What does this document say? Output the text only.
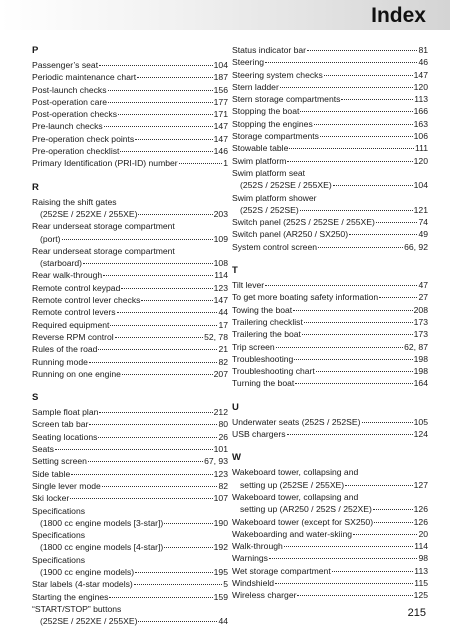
Index
P
Passenger’s seat	104
Periodic maintenance chart	187
Post-launch checks	156
Post-operation care	177
Post-operation checks	171
Pre-launch checks	147
Pre-operation check points	147
Pre-operation checklist	146
Primary Identification (PRI-ID) number	1
R
Raising the shift gates
(252SE / 252XE / 255XE)	203
Rear underseat storage compartment
(port)	109
Rear underseat storage compartment
(starboard)	108
Rear walk-through	114
Remote control keypad	123
Remote control lever checks	147
Remote control levers	44
Required equipment	17
Reverse RPM control	52, 78
Rules of the road	21
Running mode	82
Running on one engine	207
S
Sample float plan	212
Screen tab bar	80
Seating locations	26
Seats	101
Setting screen	67, 93
Side table	123
Single lever mode	82
Ski locker	107
Specifications
(1800 cc engine models [3-star])	190
Specifications
(1800 cc engine models [4-star])	192
Specifications
(1900 cc engine models)	195
Star labels (4-star models)	5
Starting the engines	159
“START/STOP” buttons
(252SE / 252XE / 255XE)	44
Status indicator bar	81
Steering	46
Steering system checks	147
Stern ladder	120
Stern storage compartments	113
Stopping the boat	166
Stopping the engines	163
Storage compartments	106
Stowable table	111
Swim platform	120
Swim platform seat
(252S / 252SE / 255XE)	104
Swim platform shower
(252S / 252SE)	121
Switch panel (252S / 252SE / 255XE)	74
Switch panel (AR250 / SX250)	49
System control screen	66, 92
T
Tilt lever	47
To get more boating safety information	27
Towing the boat	208
Trailering checklist	173
Trailering the boat	173
Trip screen	62, 87
Troubleshooting	198
Troubleshooting chart	198
Turning the boat	164
U
Underwater seats (252S / 252SE)	105
USB chargers	124
W
Wakeboard tower, collapsing and
setting up (252SE / 255XE)	127
Wakeboard tower, collapsing and
setting up (AR250 / 252S / 252XE)	126
Wakeboard tower (except for SX250)	126
Wakeboarding and water-skiing	20
Walk-through	114
Warnings	98
Wet storage compartment	113
Windshield	115
Wireless charger	125
215
